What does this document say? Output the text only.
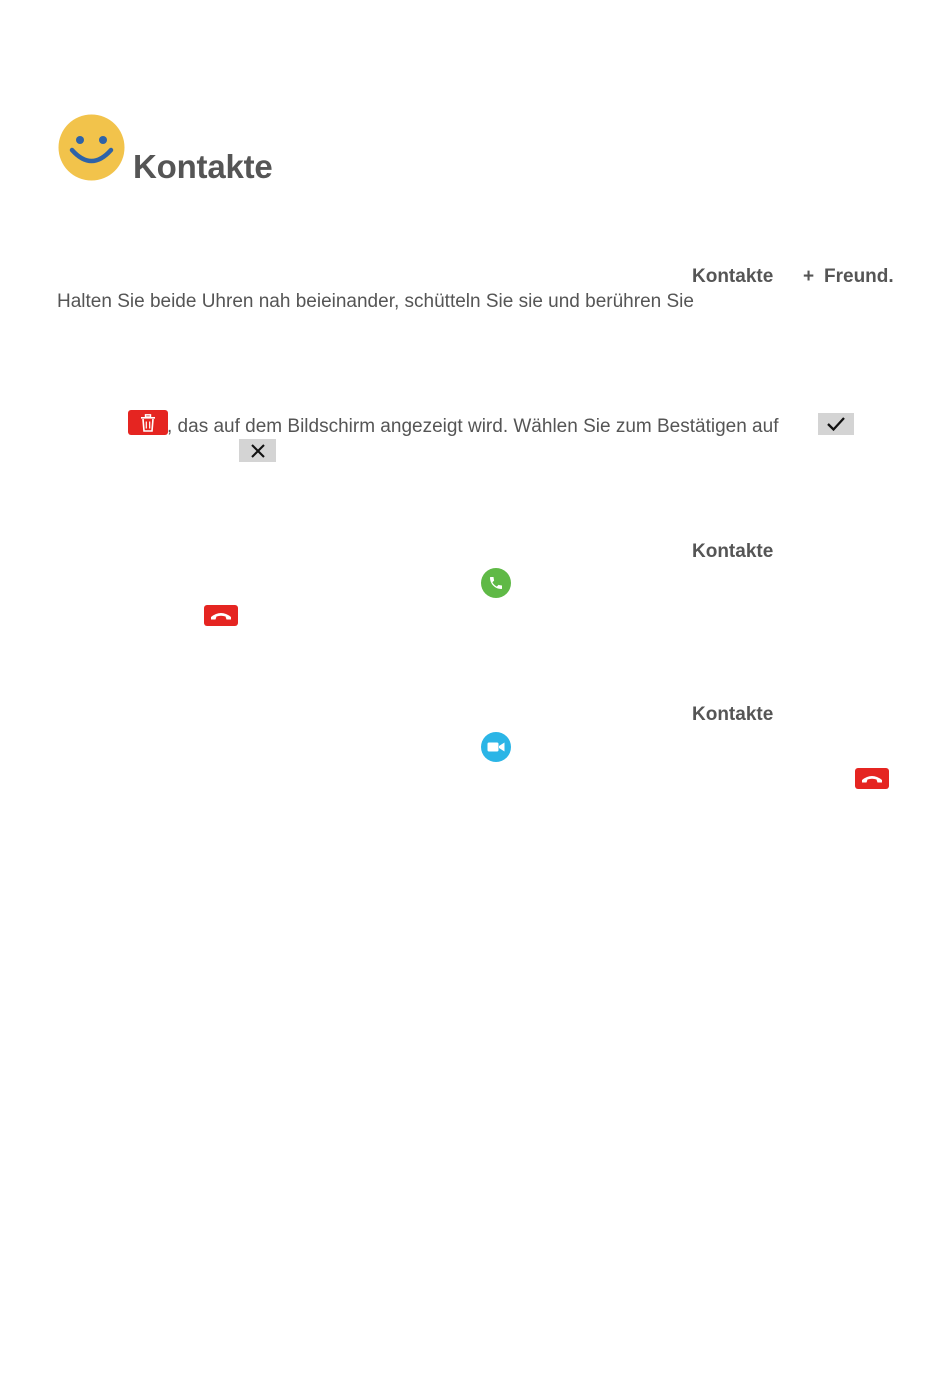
Kontakte
Kontakte + Freund.
Halten Sie beide Uhren nah beieinander, schütteln Sie sie und berühren Sie
, das auf dem Bildschirm angezeigt wird. Wählen Sie zum Bestätigen auf
Kontakte
Kontakte
